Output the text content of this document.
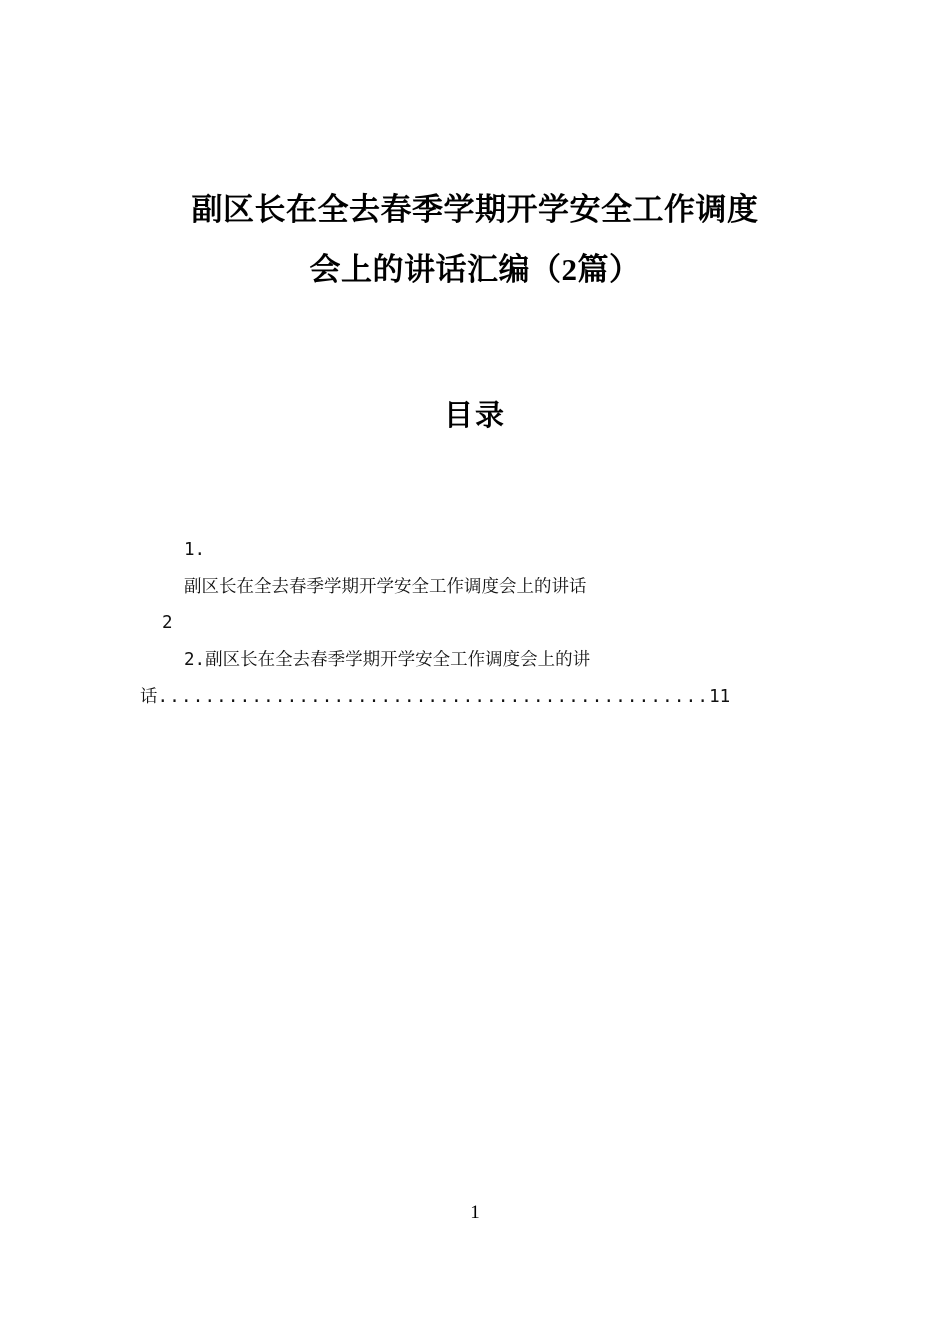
副区长在全去春季学期开学安全工作调度
会上的讲话汇编（2篇）
目录
1.
副区长在全去春季学期开学安全工作调度会上的讲话
2
2.副区长在全去春季学期开学安全工作调度会上的讲
话...............................................11
1
